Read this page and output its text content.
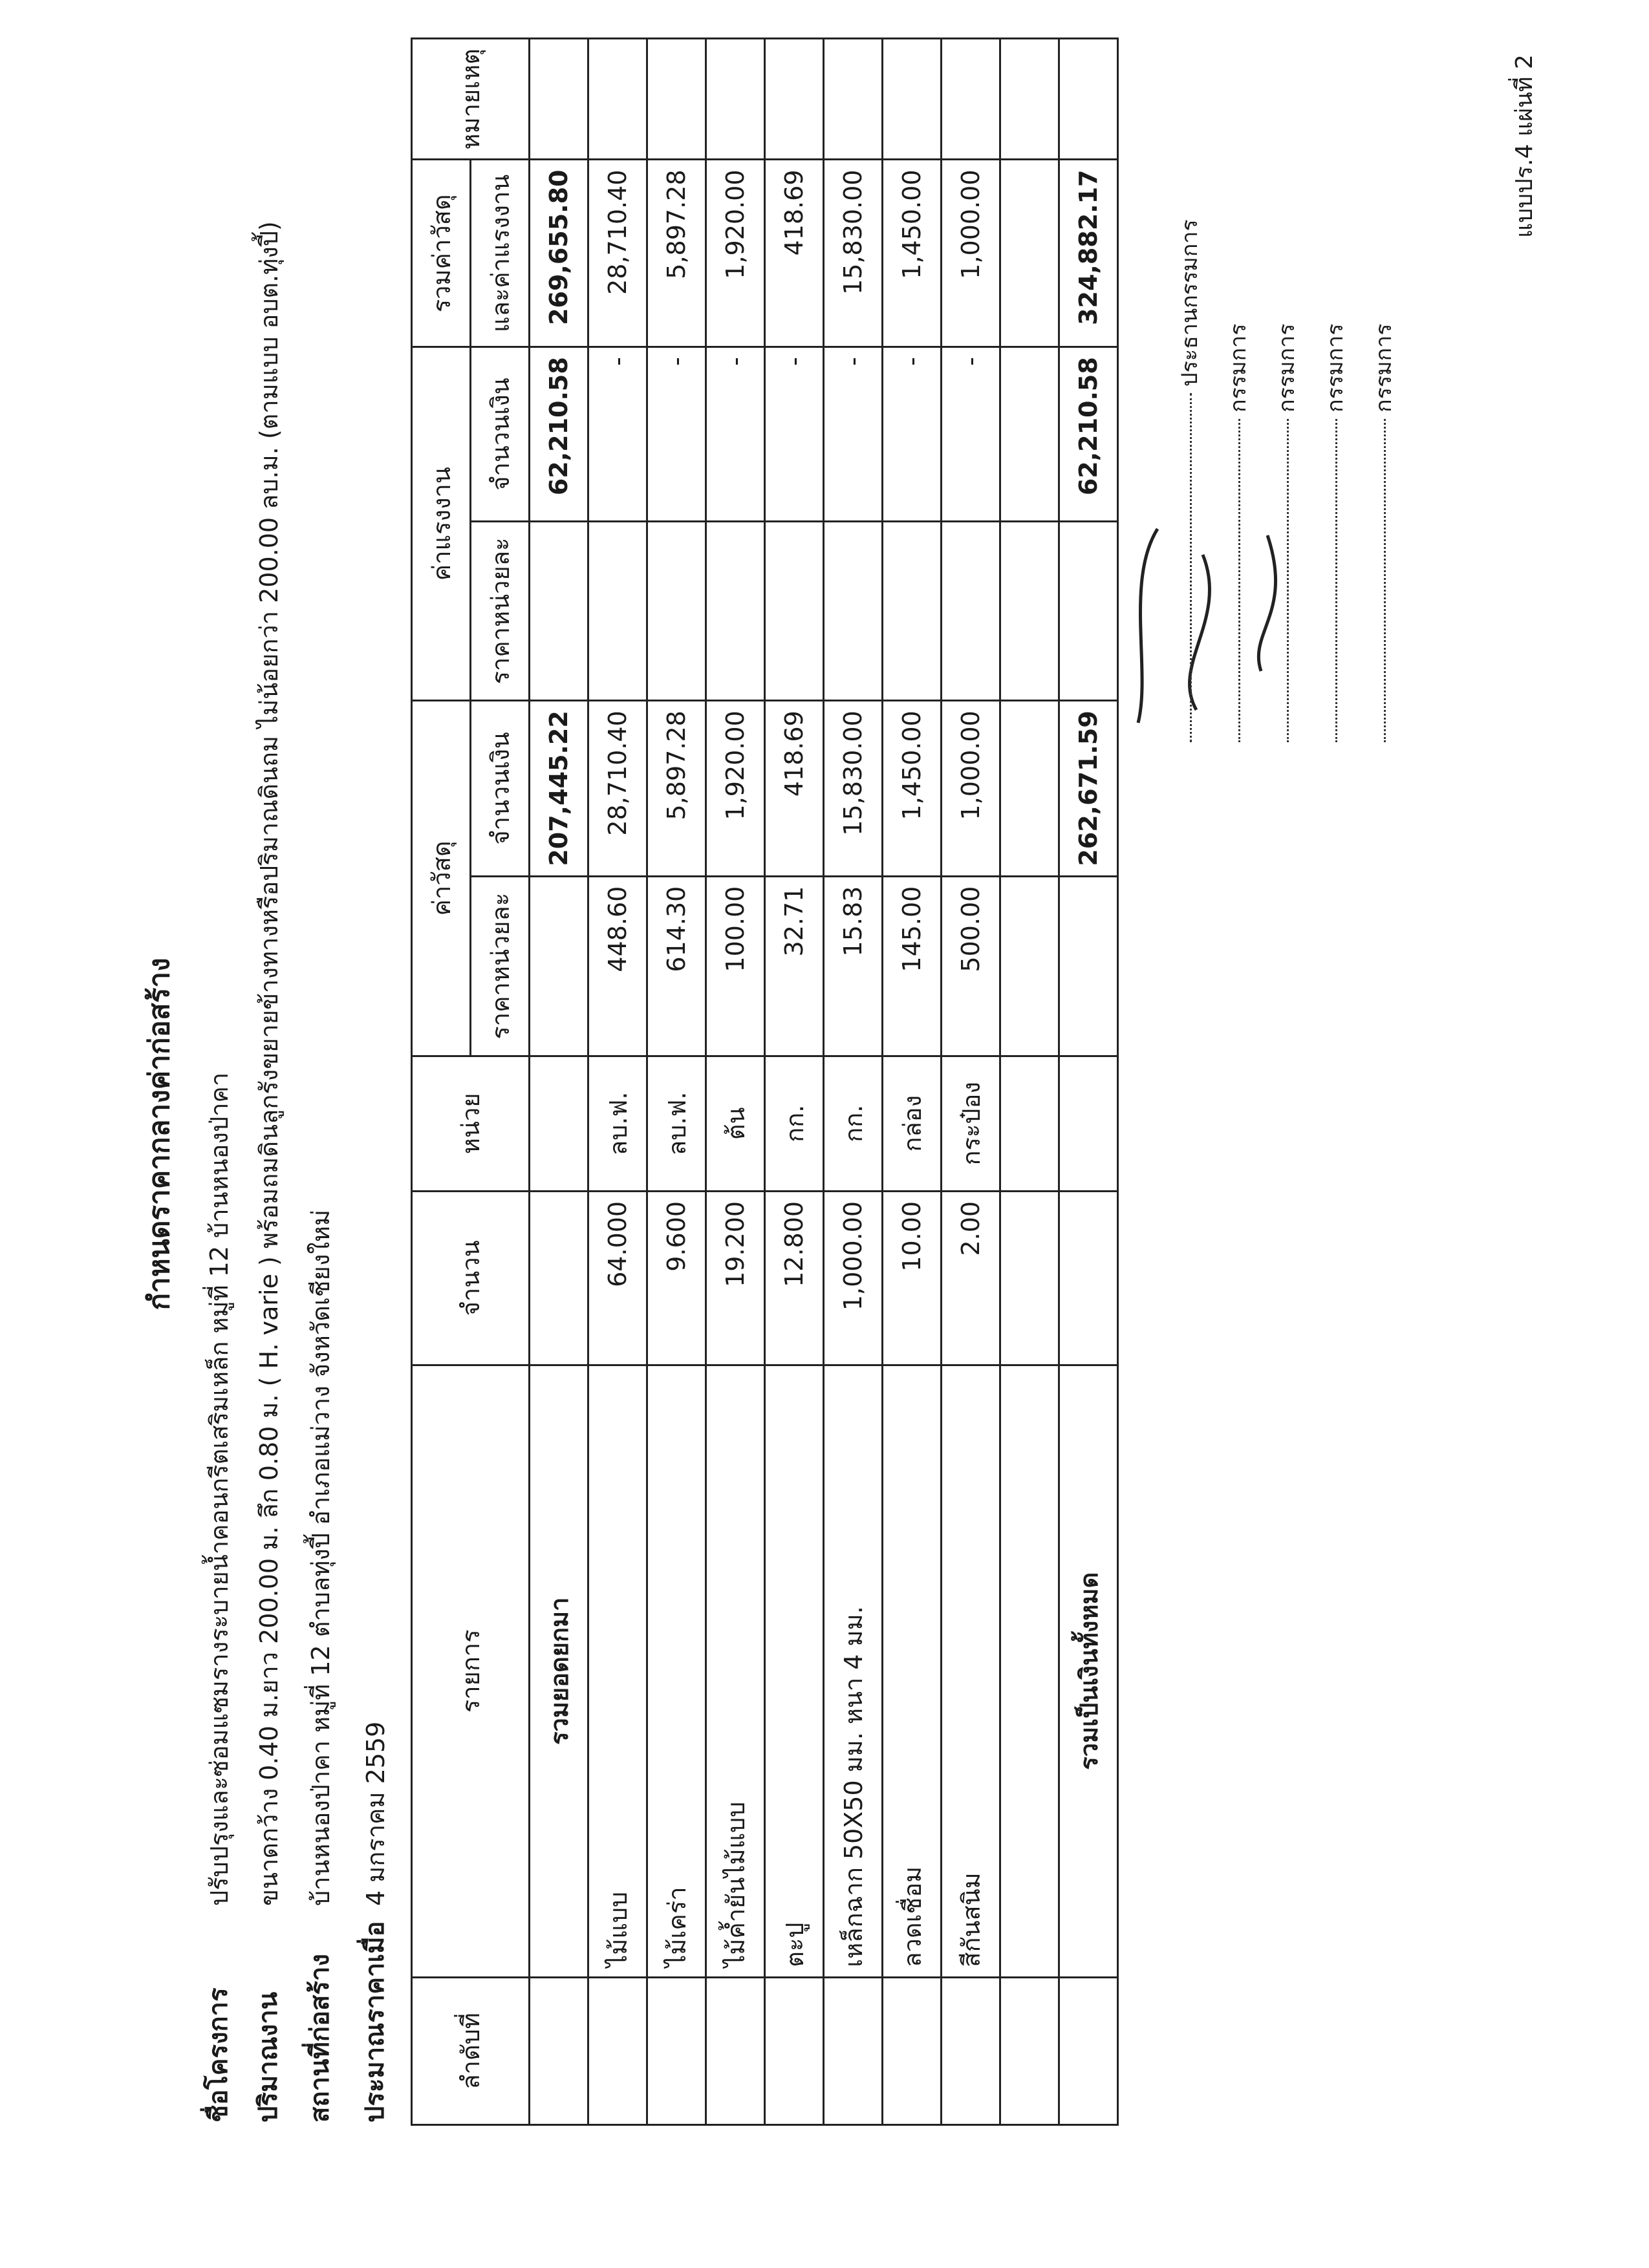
แบบปร.4 แผ่นที่ 2
กำหนดราคากลางค่าก่อสร้าง
ชื่อโครงการ
ปรับปรุงและซ่อมแซมรางระบายน้ำคอนกรีตเสริมเหล็ก หมู่ที่ 12 บ้านหนองป่าคา
ปริมาณงาน
ขนาดกว้าง 0.40 ม.ยาว 200.00 ม. ลึก 0.80 ม. ( H. varie ) พร้อมถมดินลูกรังขยายข้างทางหรือปริมาณดินถม ไม่น้อยกว่า 200.00 ลบ.ม. (ตามแบบ อบต.ทุ่งปี้)
สถานที่ก่อสร้าง
บ้านหนองป่าคา หมู่ที่ 12 ตำบลทุ่งปี้ อำเภอแม่วาง จังหวัดเชียงใหม่
ประมาณราคาเมื่อ
4 มกราคม 2559
ลำดับที่	รายการ	จำนวน	หน่วย	ค่าวัสดุ		ค่าแรงงาน		รวมค่าวัสดุ	หมายเหตุ
				ราคาหน่วยละ	จำนวนเงิน	ราคาหน่วยละ	จำนวนเงิน	และค่าแรงงาน	
	รวมยอดยกมา				207,445.22		62,210.58	269,655.80	
	ไม้แบบ	64.000	ลบ.ฟ.	448.60	28,710.40		-	28,710.40	
	ไม้เคร่า	9.600	ลบ.ฟ.	614.30	5,897.28		-	5,897.28	
	ไม้ค้ำยันไม้แบบ	19.200	ต้น	100.00	1,920.00		-	1,920.00	
	ตะปู	12.800	กก.	32.71	418.69		-	418.69	
	เหล็กฉาก 50X50 มม. หนา 4 มม.	1,000.00	กก.	15.83	15,830.00		-	15,830.00	
	ลวดเชื่อม	10.00	กล่อง	145.00	1,450.00		-	1,450.00	
	สีกันสนิม	2.00	กระป๋อง	500.00	1,000.00		-	1,000.00	

	รวมเป็นเงินทั้งหมด				262,671.59		62,210.58	324,882.17		ประธานกรรมการ กรรมการ กรรมการ กรรมการ กรรมการ
